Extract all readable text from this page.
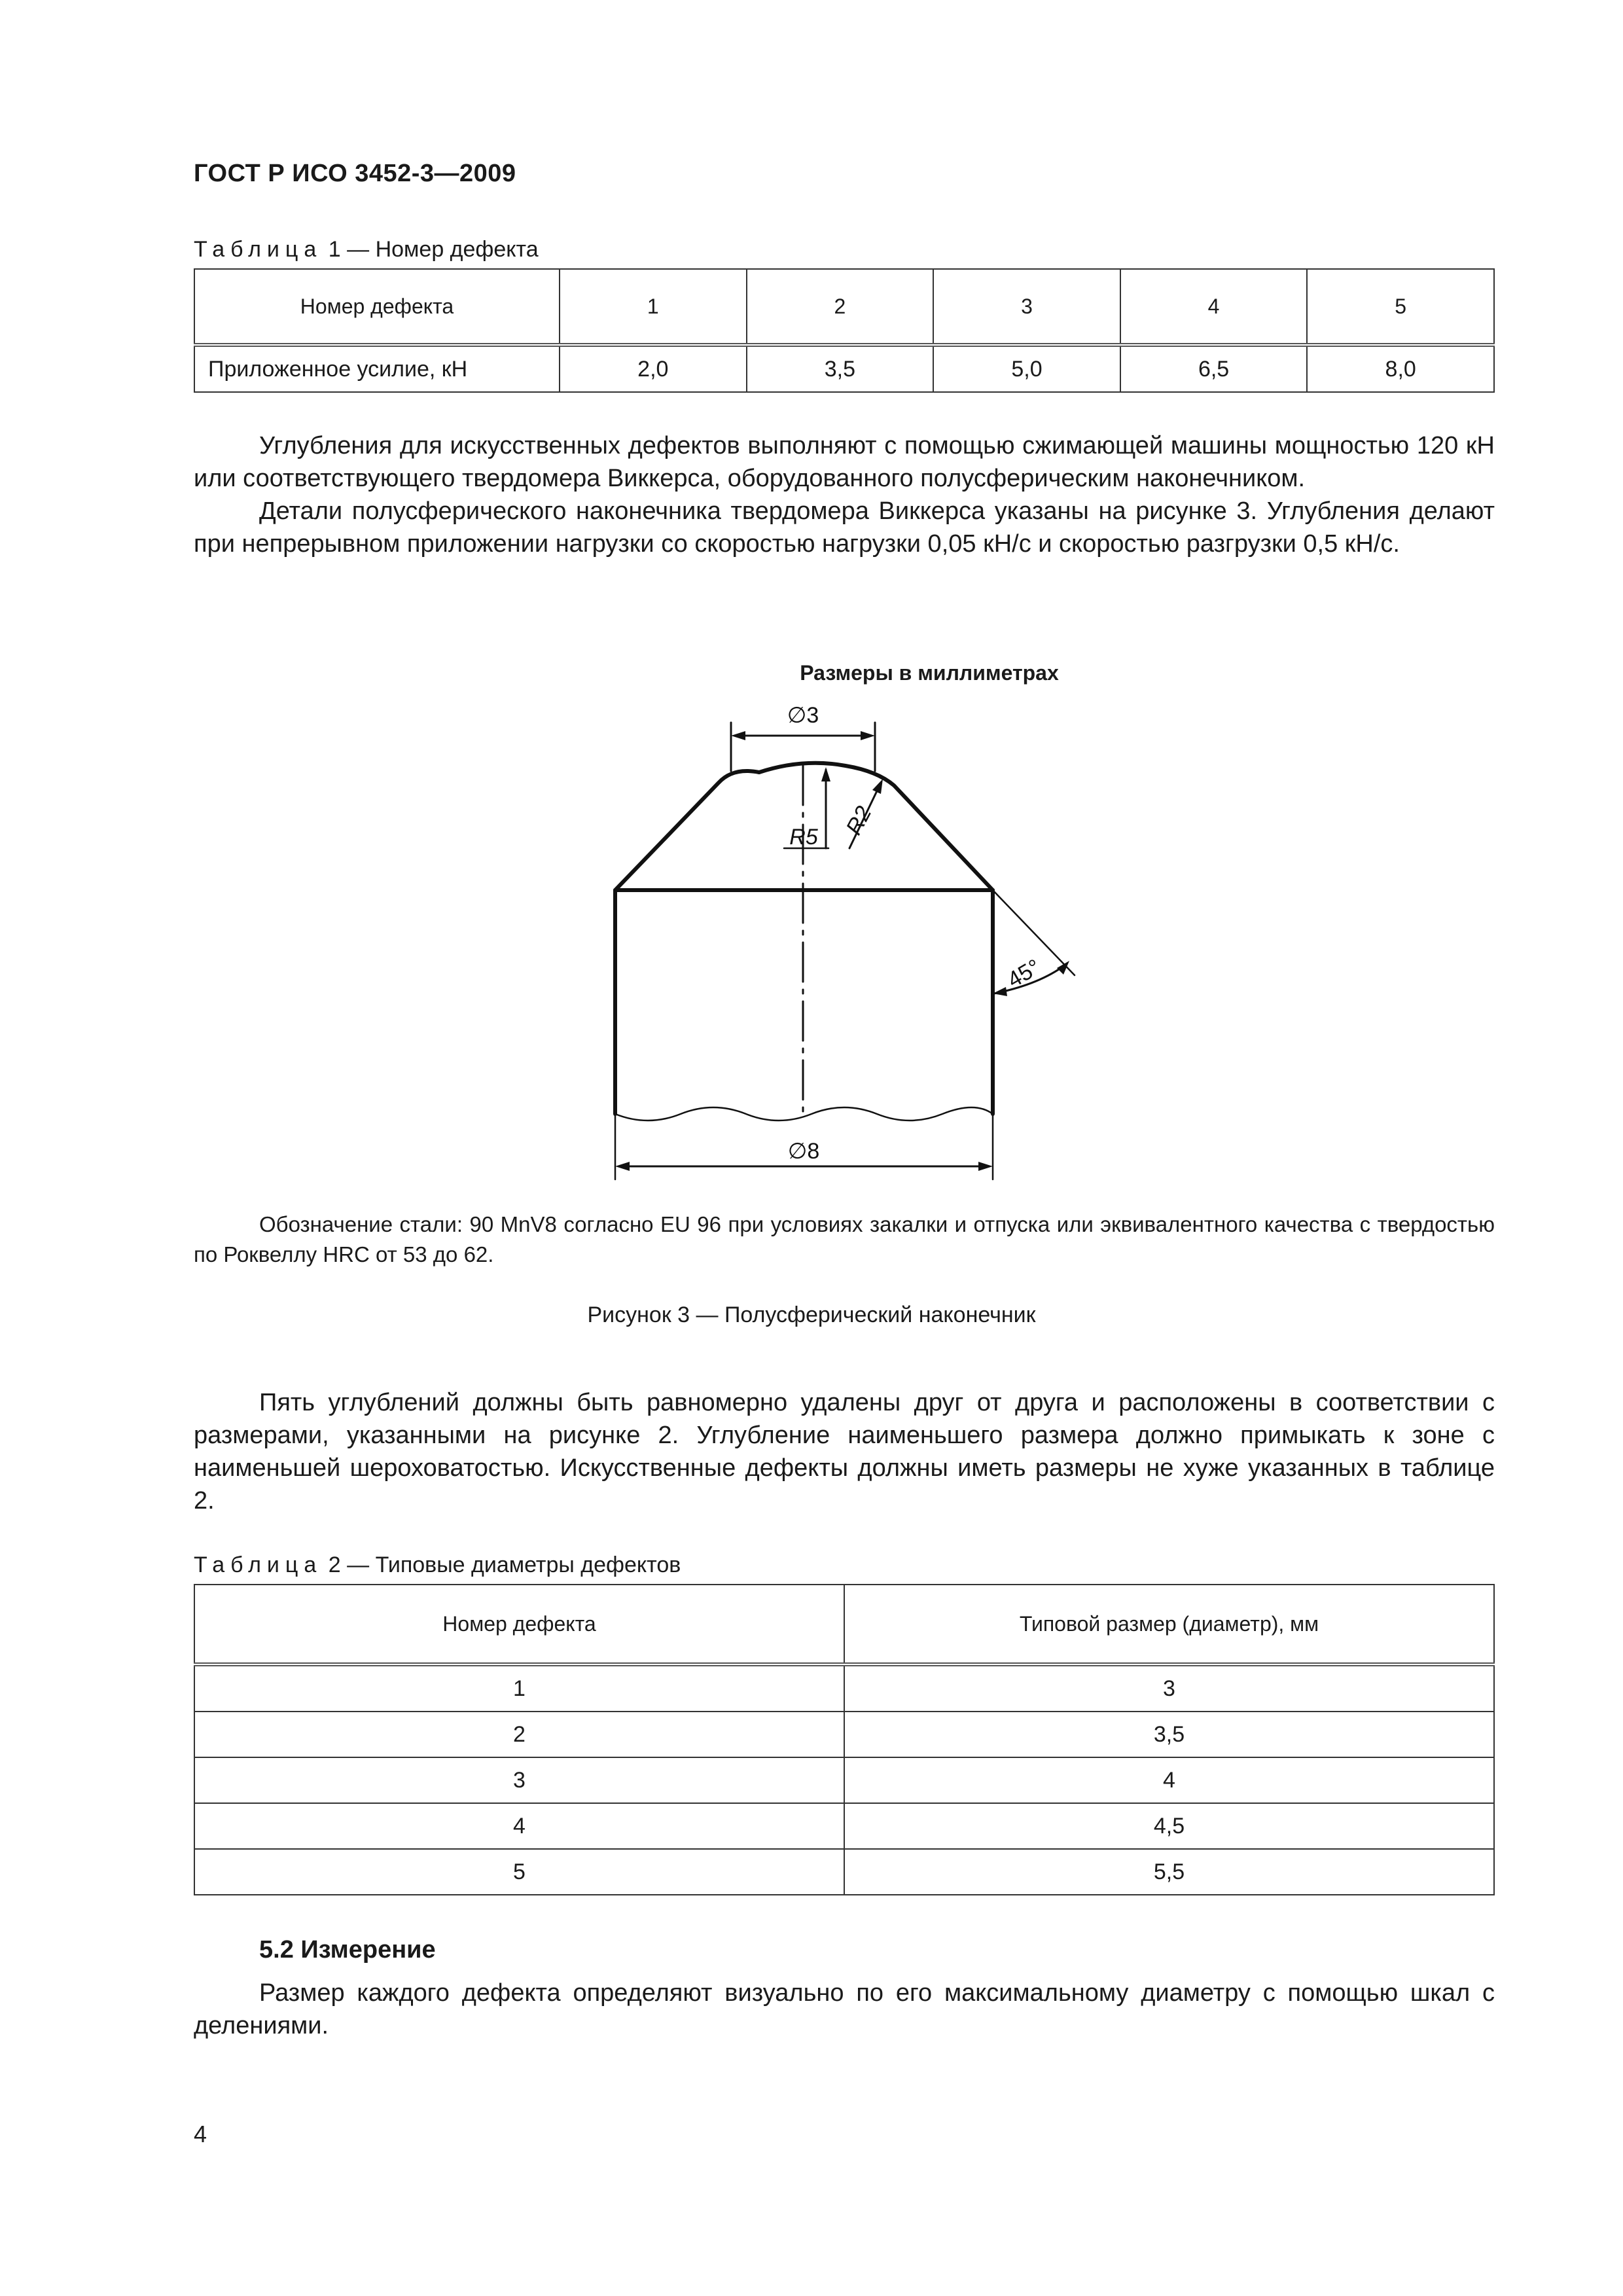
ГОСТ Р ИСО 3452-3—2009
Таблица 1 — Номер дефекта
Номер дефекта	1	2	3	4	5
Приложенное усилие, кН	2,0	3,5	5,0	6,5	8,0

Углубления для искусственных дефектов выполняют с помощью сжимающей машины мощностью 120 кН или соответствующего твердомера Виккерса, оборудованного полусферическим наконечником.

Детали полусферического наконечника твердомера Виккерса указаны на рисунке 3. Углубления делают при непрерывном приложении нагрузки со скоростью нагрузки 0,05 кН/с и скоростью разгрузки 0,5 кН/с.

Размеры в миллиметрах
∅3
R5 R2
45°
∅8
Обозначение стали: 90 MnV8 согласно EU 96 при условиях закалки и отпуска или эквивалентного качества с твердостью по Роквеллу HRC от 53 до 62.
Рисунок 3 — Полусферический наконечник

Пять углублений должны быть равномерно удалены друг от друга и расположены в соответствии с размерами, указанными на рисунке 2. Углубление наименьшего размера должно примыкать к зоне с наименьшей шероховатостью. Искусственные дефекты должны иметь размеры не хуже указанных в таблице 2.

Таблица 2 — Типовые диаметры дефектов
Номер дефекта	Типовой размер (диаметр), мм
1	3
2	3,5
3	4
4	4,5
5	5,5
5.2 Измерение

Размер каждого дефекта определяют визуально по его максимальному диаметру с помощью шкал с делениями.

4
